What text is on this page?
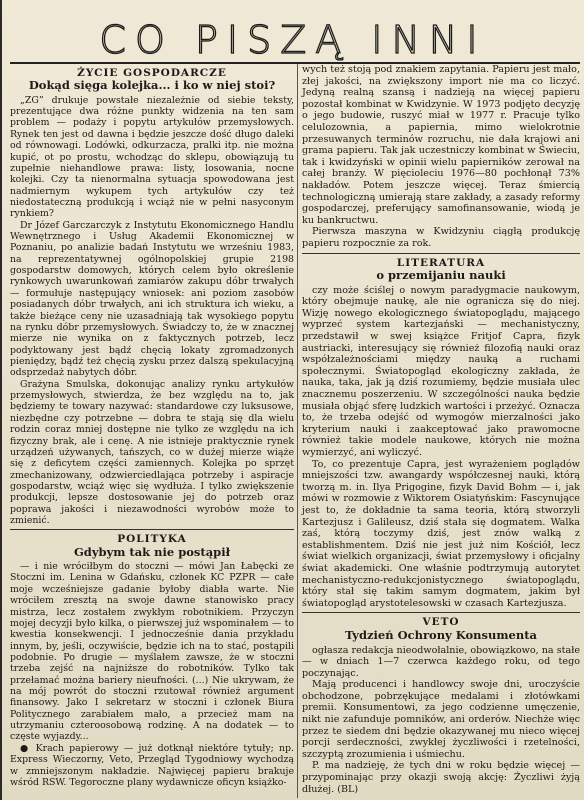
CO PISZĄ INNI
ŻYCIE GOSPODARCZE
Dokąd sięga kolejka... i ko w niej stoi?

„ZG” drukuje powstałe niezależnie od siebie teksty, prezentujące dwa różne punkty widzenia na ten sam problem — podaży i popytu artykułów przemysłowych. Rynek ten jest od dawna i będzie jeszcze dość długo daleki od równowagi. Lodówki, odkurzacza, pralki itp. nie można kupić, ot po prostu, wchodząc do sklepu, obowiązują tu zupełnie niehandlowe prawa: listy, losowania, nocne kolejki. Czy ta nienormalna sytuacja spowodowana jest nadmiernym wykupem tych artykułów czy też niedostateczną produkcją i wciąż nie w pełni nasyconym rynkiem?

Dr Józef Garczarczyk z Instytutu Ekonomicznego Handlu Wewnętrznego i Usług Akademii Ekonomicznej w Poznaniu, po analizie badań Instytutu we wrześniu 1983, na reprezentatywnej ogólnopolskiej grupie 2198 gospodarstw domowych, których celem było określenie rynkowych uwarunkowań zamiarów zakupu dóbr trwałych — formułuje następujący wniosek: ani poziom zasobów posiadanych dóbr trwałych, ani ich struktura ich wieku, a także bieżące ceny nie uzasadniają tak wysokiego popytu na rynku dóbr przemysłowych. Świadczy to, że w znacznej mierze nie wynika on z faktycznych potrzeb, lecz podyktowany jest bądź chęcią lokaty zgromadzonych pieniędzy, bądź też chęcią zysku przez dalszą spekulacyjną odsprzedaż nabytych dóbr.

Grażyna Smulska, dokonując analizy rynku artykułów przemysłowych, stwierdza, że bez względu na to, jak będziemy te towary nazywać: standardowe czy luksusowe, niezbędne czy potrzebne — dobra te stają się dla wielu rodzin coraz mniej dostępne nie tylko ze względu na ich fizyczny brak, ale i cenę. A nie istnieje praktycznie rynek urządzeń używanych, tańszych, co w dużej mierze wiąże się z deficytem części zamiennych. Kolejka po sprzęt zmechanizowany, odzwierciedlająca potrzeby i aspiracje gospodarstw, wciąż więc się wydłuża. I tylko zwiększenie produkcji, lepsze dostosowanie jej do potrzeb oraz poprawa jakości i niezawodności wyrobów może to zmienić.

POLITYKA
Gdybym tak nie postąpił

— i nie wróciłbym do stoczni — mówi Jan Łabęcki ze Stoczni im. Lenina w Gdańsku, członek KC PZPR — całe moje wcześniejsze gadanie byłoby diabła warte. Nie wróciłem zresztą na swoje dawne stanowisko pracy mistrza, lecz zostałem zwykłym robotnikiem. Przyczyn mojej decyzji było kilka, o pierwszej już wspominałem — to kwestia konsekwencji. I jednocześnie dania przykładu innym, by, jeśli, oczywiście, będzie ich na to stać, postąpili podobnie. Po drugie — myślałem zawsze, że w stoczni trzeba zejść na najniższe do robotników. Tylko tak przełamać można bariery nieufności. (...) Nie ukrywam, że na mój powrót do stoczni rzutował również argument finansowy. Jako I sekretarz w stoczni i członek Biura Politycznego zarabiałem mało, a przecież mam na utrzymaniu czteroosobową rodzinę. A na dodatek — to częste wyjazdy...

● Krach papierowy — już dotknął niektóre tytuły; np. Express Wieczorny, Veto, Przegląd Tygodniowy wychodzą w zmniejszonym nakładzie. Najwięcej papieru brakuje wśród RSW. Tegoroczne plany wydawnicze oficyn książko-

wych też stoją pod znakiem zapytania. Papieru jest mało, złej jakości, na zwiększony import nie ma co liczyć. Jedyną realną szansą i nadzieją na więcej papieru pozostał kombinat w Kwidzynie. W 1973 podjęto decyzję o jego budowie, ruszyć miał w 1977 r. Pracuje tylko celulozownia, a papiernia, mimo wielokrotnie przesuwanych terminów rozruchu, nie dała krajowi ani grama papieru. Tak jak uczestniczy kombinat w Świeciu, tak i kwidzyński w opinii wielu papierników zerował na całej branży. W pięcioleciu 1976—80 pochłonął 73% nakładów. Potem jeszcze więcej. Teraz śmiercią technologiczną umierają stare zakłady, a zasady reformy gospodarczej, preferujący samofinansowanie, wiodą je ku bankructwu.

Pierwsza maszyna w Kwidzyniu ciągłą produkcję papieru rozpocznie za rok.

LITERATURA
o przemijaniu nauki

czy może ściślej o nowym paradygmacie naukowym, który obejmuje naukę, ale nie ogranicza się do niej. Wizję nowego ekologicznego światopoglądu, mającego wyprzeć system kartezjański — mechanistyczny, przedstawił w swej książce Fritjof Capra, fizyk austriacki, interesujący się również filozofią nauki oraz współzależnościami między nauką a ruchami społecznymi. Światopogląd ekologiczny zakłada, że nauka, taka, jak ją dziś rozumiemy, będzie musiała ulec znacznemu poszerzeniu. W szczególności nauka będzie musiała objąć sferę ludzkich wartości i przeżyć. Oznacza to, że trzeba odejść od wymogów mierzalności jako kryterium nauki i zaakceptować jako prawomocne również takie modele naukowe, których nie można wymierzyć, ani wyliczyć.

To, co prezentuje Capra, jest wyrażeniem poglądów mniejszości tzw. awangardy współczesnej nauki, którą tworzą m. in. Ilya Prigogine, fizyk David Bohm — i, jak mówi w rozmowie z Wiktorem Osiatyńskim: Fascynujące jest to, że dokładnie ta sama teoria, którą stworzyli Kartezjusz i Galileusz, dziś stała się dogmatem. Walka zaś, którą toczymy dziś, jest znów walką z establishmentem. Dziś nie jest już nim Kościół, lecz świat wielkich organizacji, świat przemysłowy i oficjalny świat akademicki. One właśnie podtrzymują autorytet mechanistyczno-redukcjonistycznego światopoglądu, który stał się takim samym dogmatem, jakim był światopogląd arystotelesowski w czasach Kartezjusza.

VETO
Tydzień Ochrony Konsumenta

ogłasza redakcja nieodwołalnie, obowiązkowo, na stałe — w dniach 1—7 czerwca każdego roku, od tego poczynając.

Mają producenci i handlowcy swoje dni, uroczyście obchodzone, pobrzękujące medalami i złotówkami premii. Konsumentowi, za jego codzienne umęczenie, nikt nie zafunduje pomników, ani orderów. Niechże więc przez te siedem dni będzie okazywanej mu nieco więcej porcji serdeczności, zwykłej życzliwości i rzetelności, szczyptą zrozumienia i uśmiechu.

P. ma nadzieję, że tych dni w roku będzie więcej — przypominając przy okazji swoją akcję: Życzliwi żyją dłużej. (BL)
